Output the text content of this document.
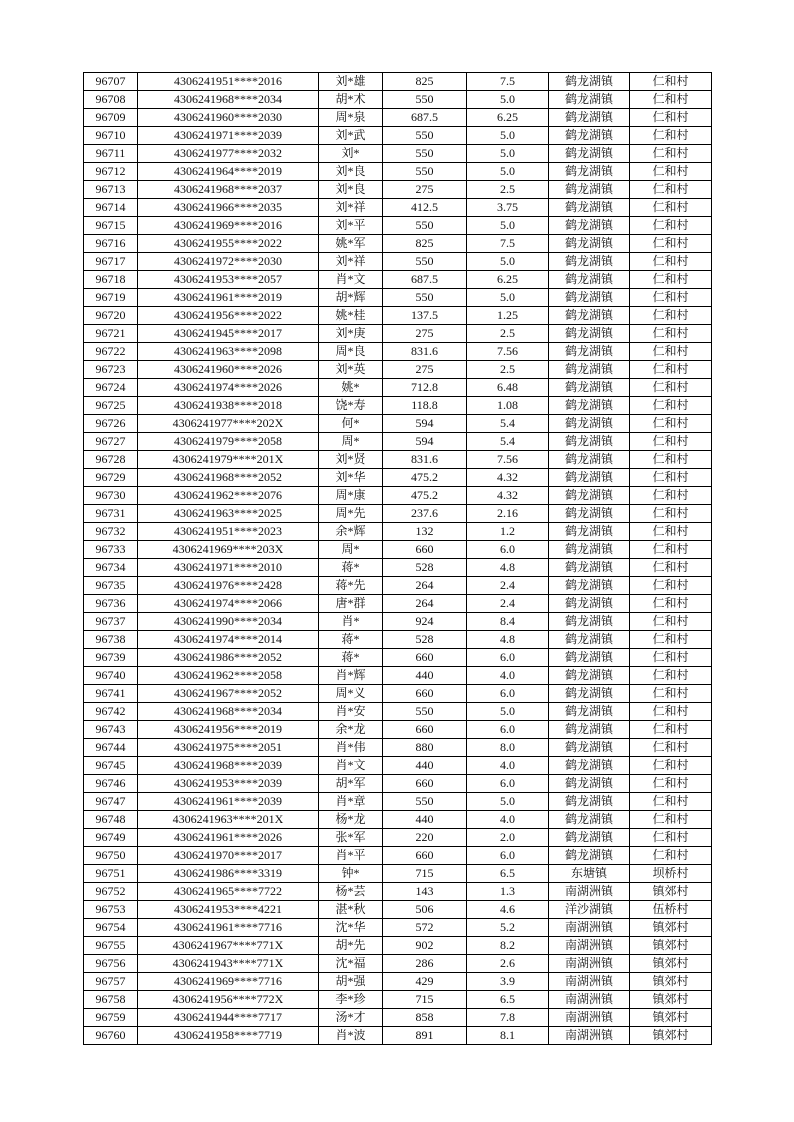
96707	4306241951****2016	刘*雄	825	7.5	鹤龙湖镇	仁和村
96708	4306241968****2034	胡*术	550	5.0	鹤龙湖镇	仁和村
96709	4306241960****2030	周*泉	687.5	6.25	鹤龙湖镇	仁和村
96710	4306241971****2039	刘*武	550	5.0	鹤龙湖镇	仁和村
96711	4306241977****2032	刘*	550	5.0	鹤龙湖镇	仁和村
96712	4306241964****2019	刘*良	550	5.0	鹤龙湖镇	仁和村
96713	4306241968****2037	刘*良	275	2.5	鹤龙湖镇	仁和村
96714	4306241966****2035	刘*祥	412.5	3.75	鹤龙湖镇	仁和村
96715	4306241969****2016	刘*平	550	5.0	鹤龙湖镇	仁和村
96716	4306241955****2022	姚*军	825	7.5	鹤龙湖镇	仁和村
96717	4306241972****2030	刘*祥	550	5.0	鹤龙湖镇	仁和村
96718	4306241953****2057	肖*文	687.5	6.25	鹤龙湖镇	仁和村
96719	4306241961****2019	胡*辉	550	5.0	鹤龙湖镇	仁和村
96720	4306241956****2022	姚*桂	137.5	1.25	鹤龙湖镇	仁和村
96721	4306241945****2017	刘*庚	275	2.5	鹤龙湖镇	仁和村
96722	4306241963****2098	周*良	831.6	7.56	鹤龙湖镇	仁和村
96723	4306241960****2026	刘*英	275	2.5	鹤龙湖镇	仁和村
96724	4306241974****2026	姚*	712.8	6.48	鹤龙湖镇	仁和村
96725	4306241938****2018	饶*寿	118.8	1.08	鹤龙湖镇	仁和村
96726	4306241977****202X	何*	594	5.4	鹤龙湖镇	仁和村
96727	4306241979****2058	周*	594	5.4	鹤龙湖镇	仁和村
96728	4306241979****201X	刘*贤	831.6	7.56	鹤龙湖镇	仁和村
96729	4306241968****2052	刘*华	475.2	4.32	鹤龙湖镇	仁和村
96730	4306241962****2076	周*康	475.2	4.32	鹤龙湖镇	仁和村
96731	4306241963****2025	周*先	237.6	2.16	鹤龙湖镇	仁和村
96732	4306241951****2023	余*辉	132	1.2	鹤龙湖镇	仁和村
96733	4306241969****203X	周*	660	6.0	鹤龙湖镇	仁和村
96734	4306241971****2010	蒋*	528	4.8	鹤龙湖镇	仁和村
96735	4306241976****2428	蒋*先	264	2.4	鹤龙湖镇	仁和村
96736	4306241974****2066	唐*群	264	2.4	鹤龙湖镇	仁和村
96737	4306241990****2034	肖*	924	8.4	鹤龙湖镇	仁和村
96738	4306241974****2014	蒋*	528	4.8	鹤龙湖镇	仁和村
96739	4306241986****2052	蒋*	660	6.0	鹤龙湖镇	仁和村
96740	4306241962****2058	肖*辉	440	4.0	鹤龙湖镇	仁和村
96741	4306241967****2052	周*义	660	6.0	鹤龙湖镇	仁和村
96742	4306241968****2034	肖*安	550	5.0	鹤龙湖镇	仁和村
96743	4306241956****2019	余*龙	660	6.0	鹤龙湖镇	仁和村
96744	4306241975****2051	肖*伟	880	8.0	鹤龙湖镇	仁和村
96745	4306241968****2039	肖*文	440	4.0	鹤龙湖镇	仁和村
96746	4306241953****2039	胡*军	660	6.0	鹤龙湖镇	仁和村
96747	4306241961****2039	肖*章	550	5.0	鹤龙湖镇	仁和村
96748	4306241963****201X	杨*龙	440	4.0	鹤龙湖镇	仁和村
96749	4306241961****2026	张*军	220	2.0	鹤龙湖镇	仁和村
96750	4306241970****2017	肖*平	660	6.0	鹤龙湖镇	仁和村
96751	4306241986****3319	钟*	715	6.5	东塘镇	坝桥村
96752	4306241965****7722	杨*芸	143	1.3	南湖洲镇	镇郊村
96753	4306241953****4221	湛*秋	506	4.6	洋沙湖镇	伍桥村
96754	4306241961****7716	沈*华	572	5.2	南湖洲镇	镇郊村
96755	4306241967****771X	胡*先	902	8.2	南湖洲镇	镇郊村
96756	4306241943****771X	沈*福	286	2.6	南湖洲镇	镇郊村
96757	4306241969****7716	胡*强	429	3.9	南湖洲镇	镇郊村
96758	4306241956****772X	李*珍	715	6.5	南湖洲镇	镇郊村
96759	4306241944****7717	汤*才	858	7.8	南湖洲镇	镇郊村
96760	4306241958****7719	肖*波	891	8.1	南湖洲镇	镇郊村
